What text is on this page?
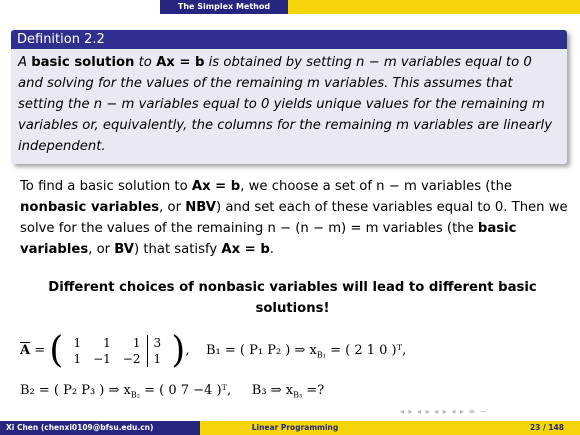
The Simplex Method
Definition 2.2
A basic solution to Ax = b is obtained by setting n − m variables equal to 0 and solving for the values of the remaining m variables. This assumes that setting the n − m variables equal to 0 yields unique values for the remaining m variables or, equivalently, the columns for the remaining m variables are linearly independent.
To find a basic solution to Ax = b, we choose a set of n − m variables (the nonbasic variables, or NBV) and set each of these variables equal to 0. Then we solve for the values of the remaining n − (n − m) = m variables (the basic variables, or BV) that satisfy Ax = b.
Different choices of nonbasic variables will lead to different basic solutions!
$\overline{A}$ = ( 1	1	1	3
1	−1	−2	1 ),    B₁ = ( P₁ P₂ ) ⇒ $x_{B_1}$ = ( 2 1 0 )ᵀ,
B₂ = ( P₂ P₃ ) ⇒ $x_{B_2}$ = ( 0 7 −4 )ᵀ, B₃ ⇒ $x_{B_3}$ =?
◂ ▸ ◂ ▸ ◂ ▸ ◂ ▸ ≡ ∽
Xi Chen (chenxi0109@bfsu.edu.cn)	Linear Programming	23 / 148
